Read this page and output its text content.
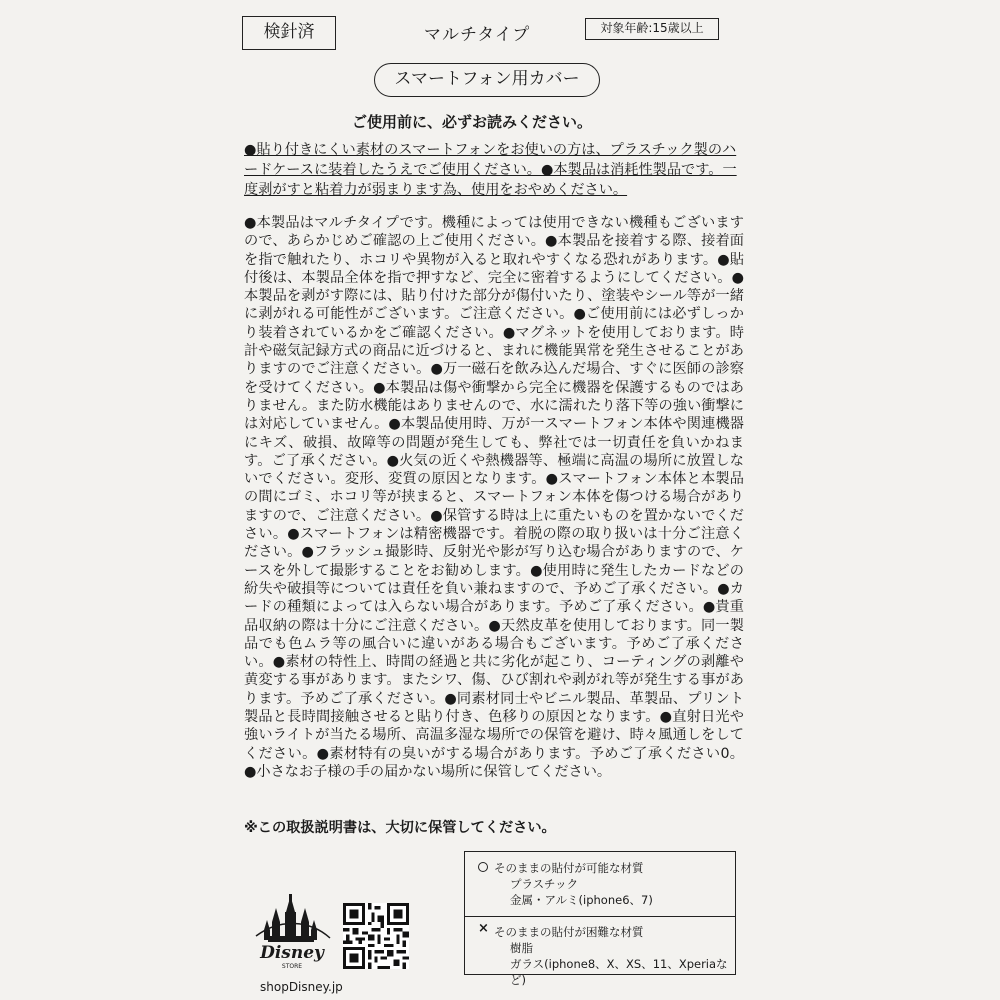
検針済	マルチタイプ	対象年齢:15歳以上
スマートフォン用カバー
ご使用前に、必ずお読みください。
●貼り付きにくい素材のスマートフォンをお使いの方は、プラスチック製のハードケースに装着したうえでご使用ください。●本製品は消耗性製品です。一度剥がすと粘着力が弱まります為、使用をおやめください。
●本製品はマルチタイプです。機種によっては使用できない機種もございますので、あらかじめご確認の上ご使用ください。●本製品を接着する際、接着面を指で触れたり、ホコリや異物が入ると取れやすくなる恐れがあります。●貼付後は、本製品全体を指で押すなど、完全に密着するようにしてください。●本製品を剥がす際には、貼り付けた部分が傷付いたり、塗装やシール等が一緒に剥がれる可能性がございます。ご注意ください。●ご使用前には必ずしっかり装着されているかをご確認ください。●マグネットを使用しております。時計や磁気記録方式の商品に近づけると、まれに機能異常を発生させることがありますのでご注意ください。●万一磁石を飲み込んだ場合、すぐに医師の診察を受けてください。●本製品は傷や衝撃から完全に機器を保護するものではありません。また防水機能はありませんので、水に濡れたり落下等の強い衝撃には対応していません。●本製品使用時、万が一スマートフォン本体や関連機器にキズ、破損、故障等の問題が発生しても、弊社では一切責任を負いかねます。ご了承ください。●火気の近くや熱機器等、極端に高温の場所に放置しないでください。変形、変質の原因となります。●スマートフォン本体と本製品の間にゴミ、ホコリ等が挟まると、スマートフォン本体を傷つける場合がありますので、ご注意ください。●保管する時は上に重たいものを置かないでください。●スマートフォンは精密機器です。着脱の際の取り扱いは十分ご注意ください。●フラッシュ撮影時、反射光や影が写り込む場合がありますので、ケースを外して撮影することをお勧めします。●使用時に発生したカードなどの紛失や破損等については責任を負い兼ねますので、予めご了承ください。●カードの種類によっては入らない場合があります。予めご了承ください。●貴重品収納の際は十分にご注意ください。●天然皮革を使用しております。同一製品でも色ムラ等の風合いに違いがある場合もございます。予めご了承ください。●素材の特性上、時間の経過と共に劣化が起こり、コーティングの剥離や黄変する事があります。またシワ、傷、ひび割れや剥がれ等が発生する事があります。予めご了承ください。●同素材同士やビニル製品、革製品、プリント製品と長時間接触させると貼り付き、色移りの原因となります。●直射日光や強いライトが当たる場所、高温多湿な場所での保管を避け、時々風通しをしてください。●素材特有の臭いがする場合があります。予めご了承ください0。●小さなお子様の手の届かない場所に保管してください。
※この取扱説明書は、大切に保管してください。
そのままの貼付が可能な材質
プラスチック
金属・アルミ(iphone6、7)
× そのままの貼付が困難な材質
樹脂
ガラス(iphone8、X、XS、11、Xperiaなど)
Disney
STORE
shopDisney.jp
